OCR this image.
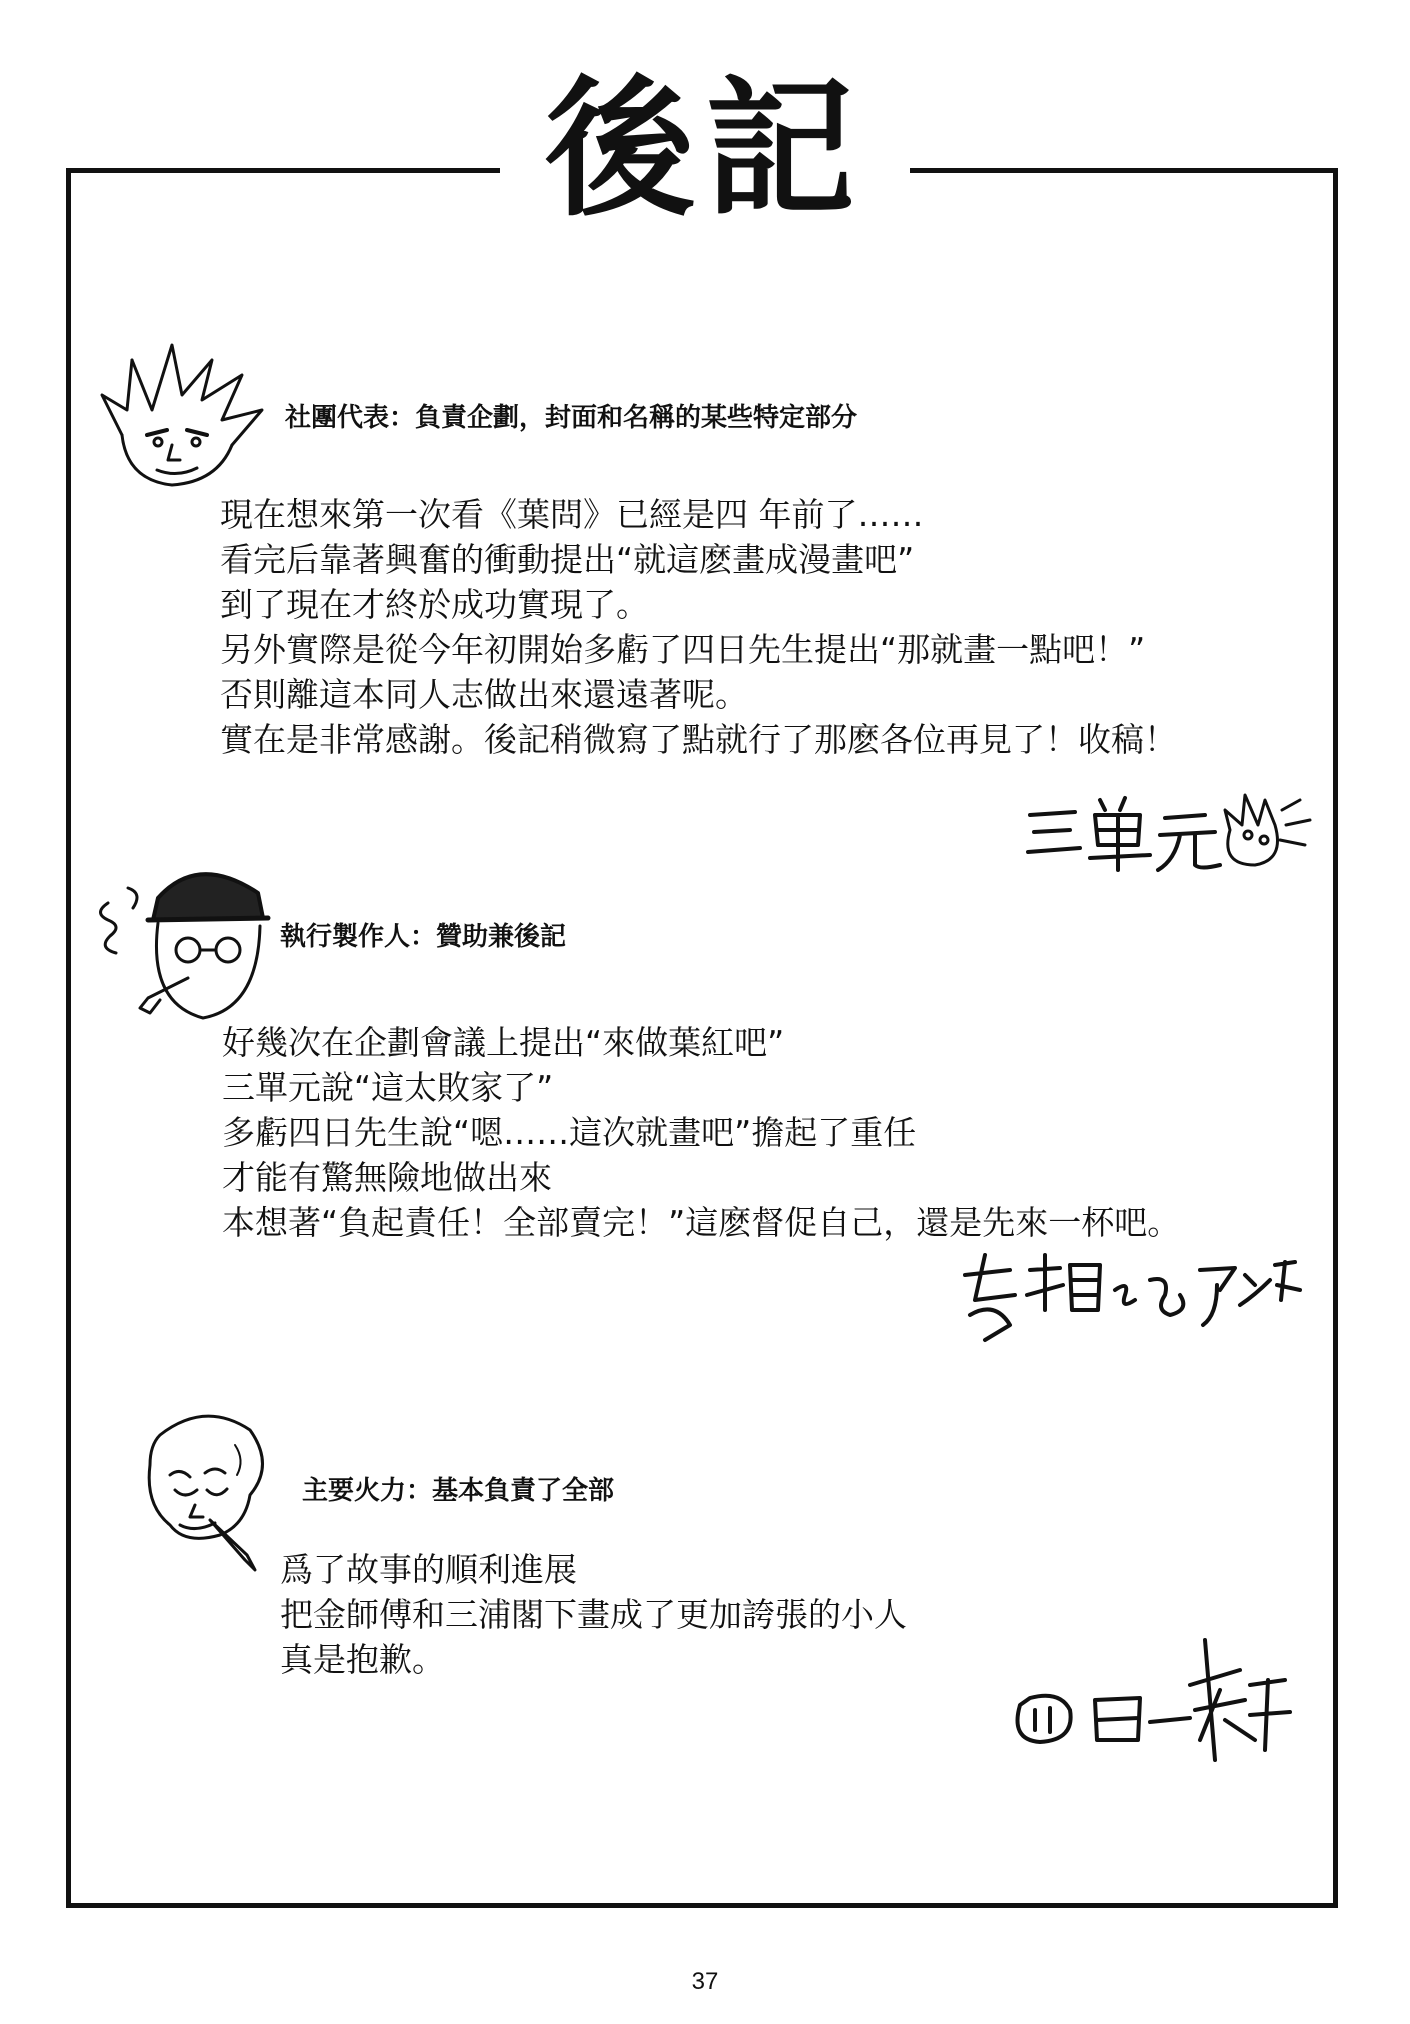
後記
社團代表：負責企劃，封面和名稱的某些特定部分
現在想來第一次看《葉問》已經是四 年前了……
看完后靠著興奮的衝動提出“就這麽畫成漫畫吧”
到了現在才終於成功實現了。
另外實際是從今年初開始多虧了四日先生提出“那就畫一點吧！”
否則離這本同人志做出來還遠著呢。
實在是非常感謝。後記稍微寫了點就行了那麽各位再見了！收稿！
執行製作人：贊助兼後記
好幾次在企劃會議上提出“來做葉紅吧”
三單元說“這太敗家了”
多虧四日先生說“嗯……這次就畫吧”擔起了重任
才能有驚無險地做出來
本想著“負起責任！全部賣完！”這麽督促自己，還是先來一杯吧。
主要火力：基本負責了全部
爲了故事的順利進展
把金師傅和三浦閣下畫成了更加誇張的小人
真是抱歉。
37
